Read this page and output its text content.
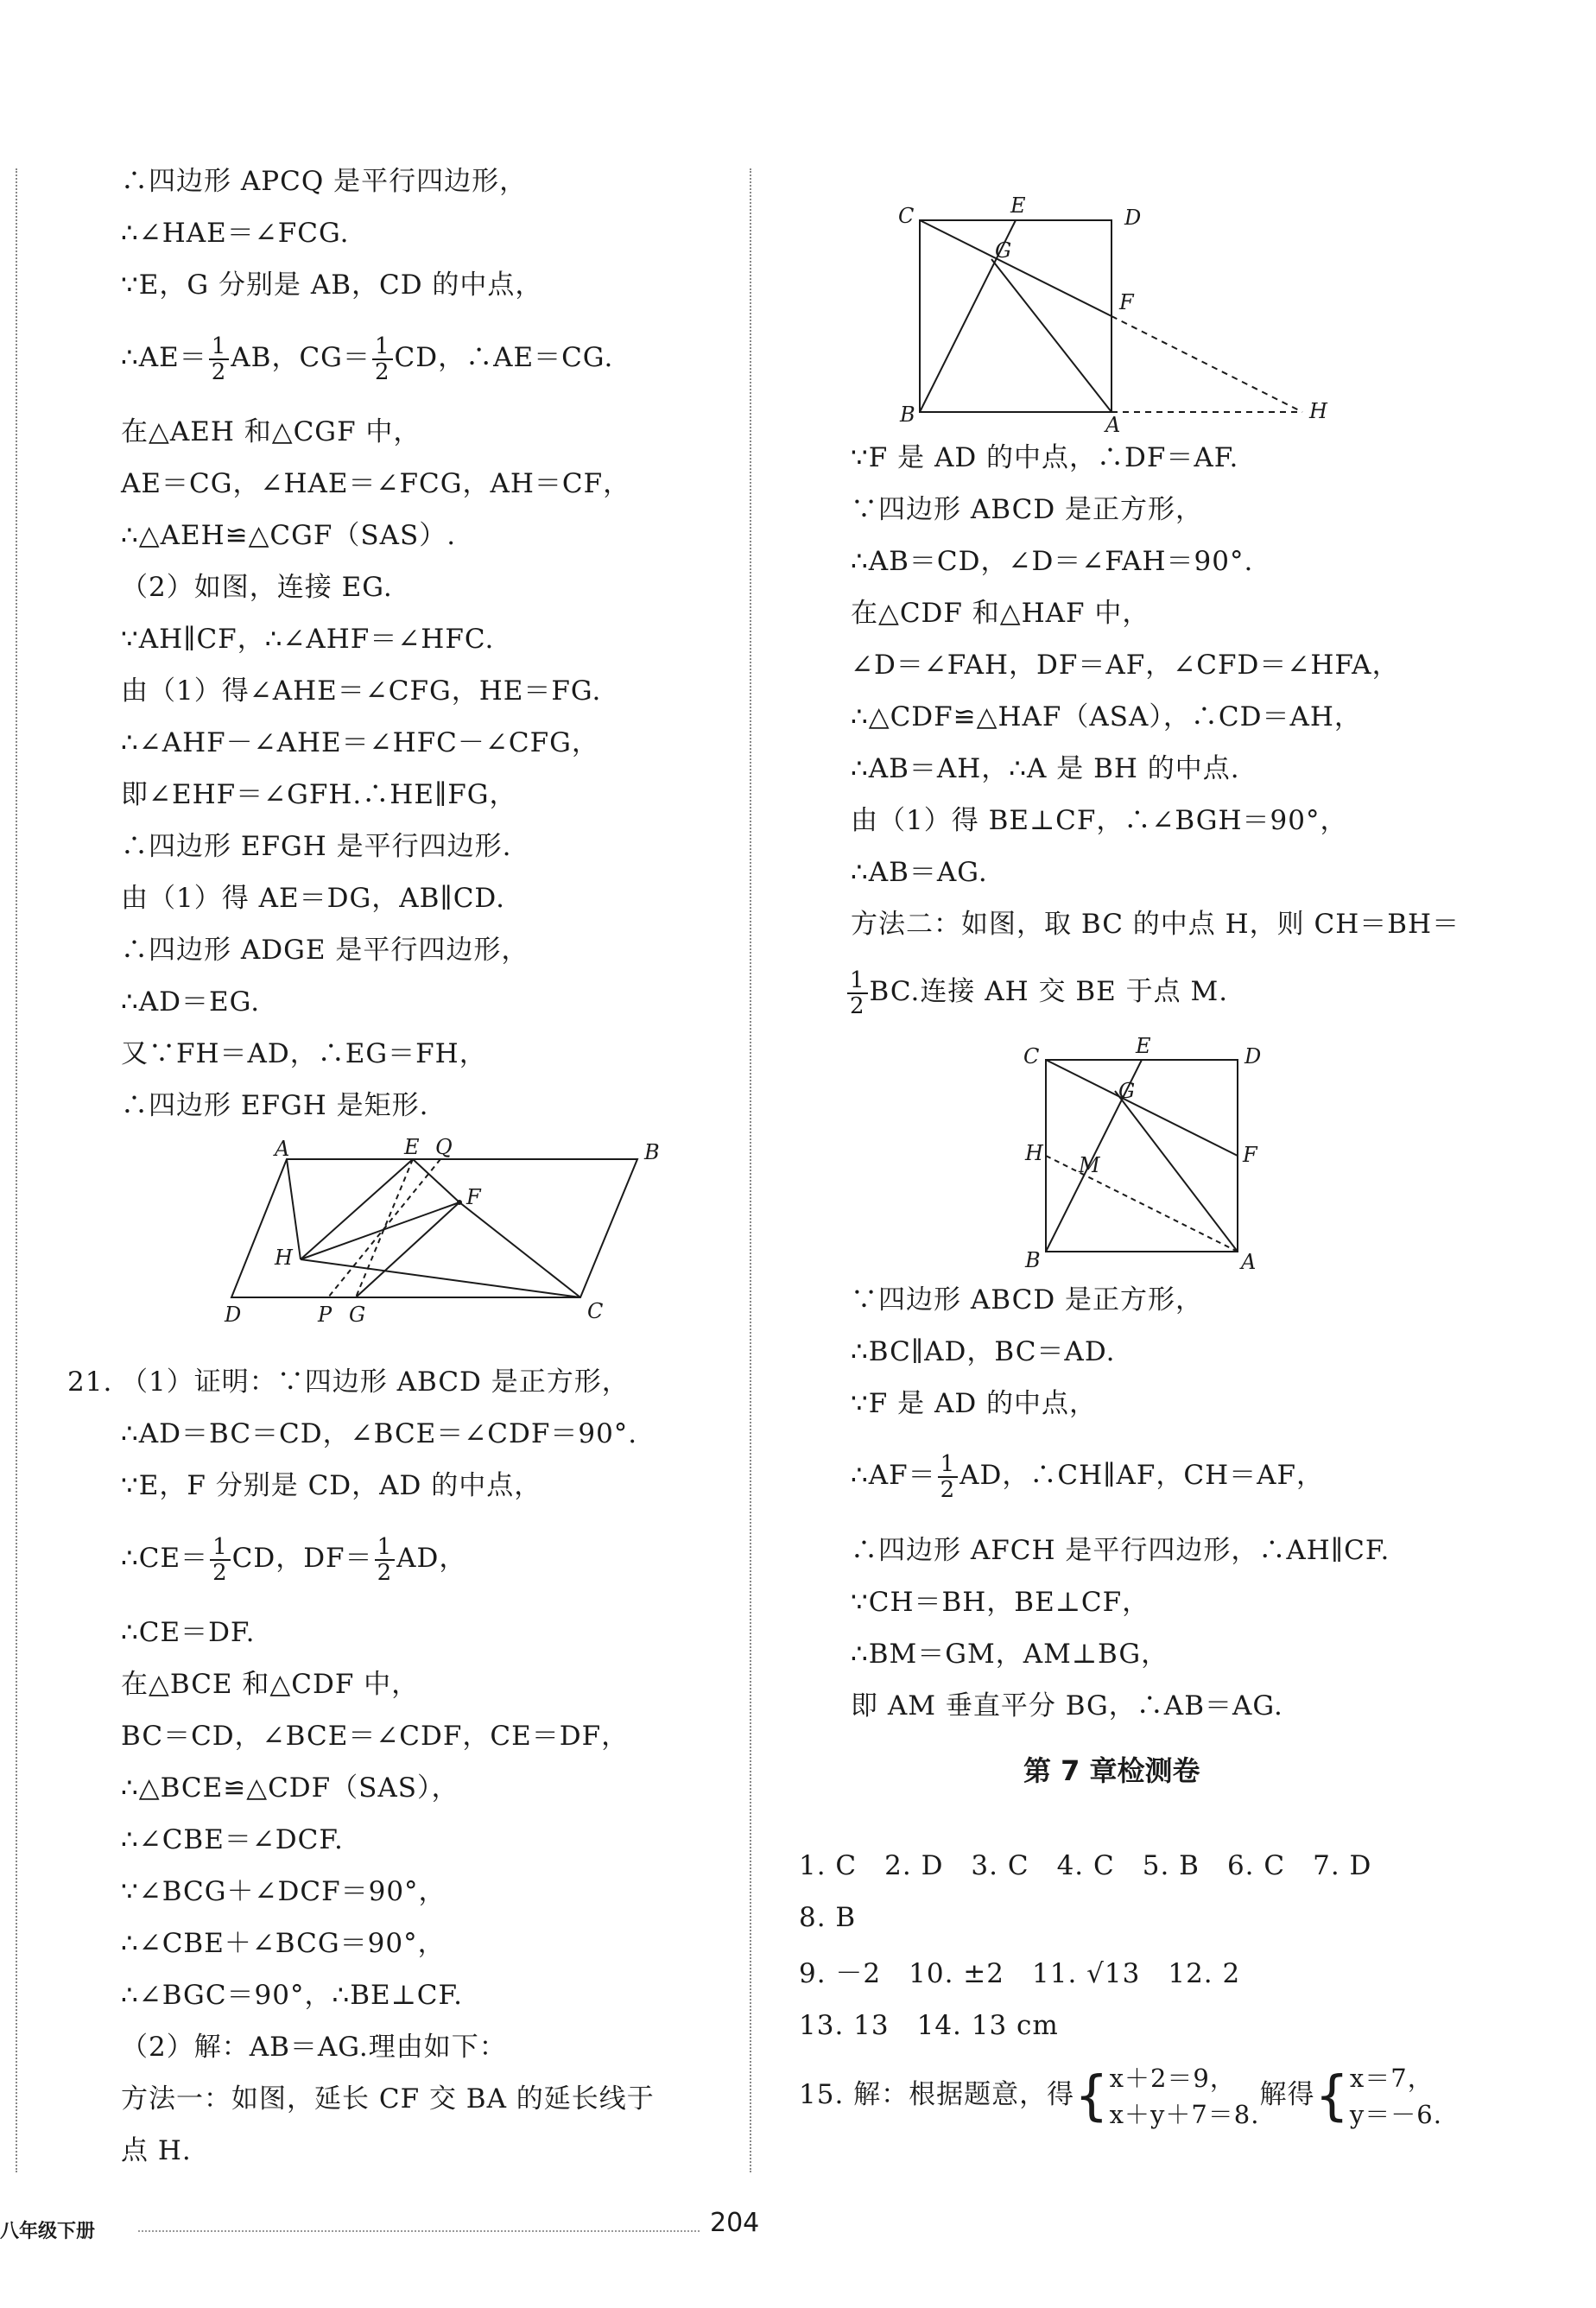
∴四边形 APCQ 是平行四边形，
∴∠HAE＝∠FCG.
∵E，G 分别是 AB，CD 的中点，
∴AE＝ $\frac{1}{2}$ AB，$CG= \frac{1}{2}$ CD，∴AE＝CG.
在△AEH 和△CGF 中，
AE＝CG，∠HAE＝∠FCG，AH＝CF，
∴△AEH≌△CGF（SAS）.
（2）如图，连接 EG.
∵AH∥CF，∴∠AHF＝∠HFC.
由（1）得∠AHE＝∠CFG，HE＝FG.
∴∠AHF－∠AHE＝∠HFC－∠CFG，
即∠EHF＝∠GFH.∴HE∥FG，
∴四边形 EFGH 是平行四边形.
由（1）得 AE＝DG，AB∥CD.
∴四边形 ADGE 是平行四边形，
∴AD＝EG.
又∵FH＝AD，∴EG＝FH，
∴四边形 EFGH 是矩形.
A	E Q	B
F
H
D	P G	C
21. （1）证明：∵四边形 ABCD 是正方形，
∴AD＝BC＝CD，∠BCE＝∠CDF＝90°.
∵E，F 分别是 CD，AD 的中点，
∴CE＝ $\frac{1}{2}$ CD，$DF= \frac{1}{2}$ AD，
∴CE＝DF.
在△BCE 和△CDF 中，
BC＝CD，∠BCE＝∠CDF，CE＝DF，
∴△BCE≌△CDF（SAS），
∴∠CBE＝∠DCF.
∵∠BCG＋∠DCF＝90°，
∴∠CBE＋∠BCG＝90°，
∴∠BGC＝90°，∴BE⊥CF.
（2）解：AB＝AG.理由如下：
方法一：如图，延长 CF 交 BA 的延长线于
点 H.
C	E	D
G
F
B	A
H
∵F 是 AD 的中点，∴DF＝AF.
∵四边形 ABCD 是正方形，
∴AB＝CD，∠D＝∠FAH＝90°.
在△CDF 和△HAF 中，
∠D＝∠FAH，DF＝AF，∠CFD＝∠HFA，
∴△CDF≌△HAF（ASA），∴CD＝AH，
∴AB＝AH，∴A 是 BH 的中点.
由（1）得 BE⊥CF，∴∠BGH＝90°，
∴AB＝AG.
方法二：如图，取 BC 的中点 H，则 CH＝BH＝
$\frac{1}{2}$ BC.连接 AH 交 BE 于点 M.
C	E	D
G
H M	F
B	A
∵四边形 ABCD 是正方形，
∴BC∥AD，BC＝AD.
∵F 是 AD 的中点，
∴AF＝ $\frac{1}{2}$ AD，∴CH∥AF，CH＝AF，
∴四边形 AFCH 是平行四边形，∴AH∥CF.
∵CH＝BH，BE⊥CF，
∴BM＝GM，AM⊥BG，
即 AM 垂直平分 BG，∴AB＝AG.
1. C　2. D　3. C　4. C　5. B　6. C　7. D
8. B
9. －2　10. ±2　11. √13　12. 2
13. 13　14. 13 cm
15. 解：根据题意，得{ x＋2＝9，
x＋y＋7＝8.
解得{ x＝7，
y＝－6.
第 7 章检测卷
八年级下册	204
